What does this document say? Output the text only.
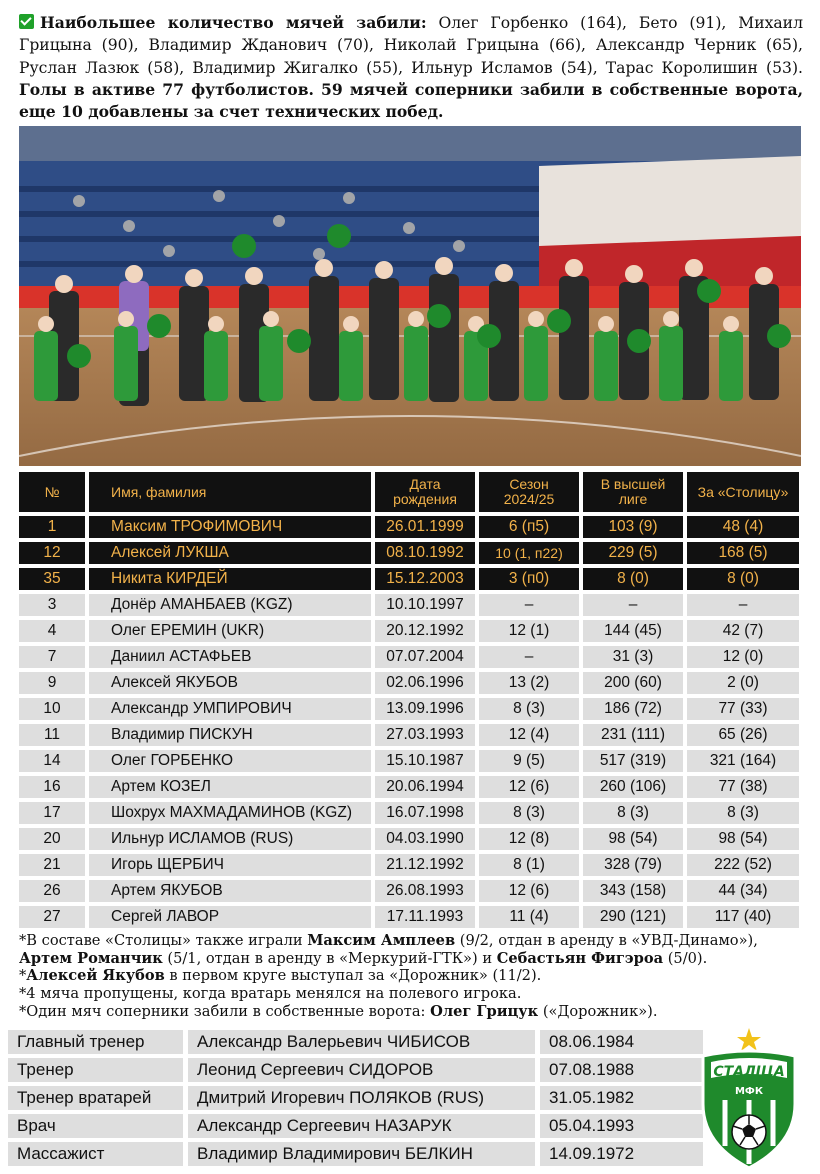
Наибольшее количество мячей забили: Олег Горбенко (164), Бето (91), Михаил Грицына (90), Владимир Жданович (70), Николай Грицына (66), Александр Черник (65), Руслан Лазюк (58), Владимир Жигалко (55), Ильнур Исламов (54), Тарас Королишин (53). Голы в активе 77 футболистов. 59 мячей соперники забили в собственные ворота, еще 10 добавлены за счет технических побед.
№	Имя, фамилия	Дата рождения	Сезон 2024/25	В высшей лиге	За «Столицу»
1	Максим ТРОФИМОВИЧ	26.01.1999	6 (п5)	103 (9)	48 (4)
12	Алексей ЛУКША	08.10.1992	10 (1, п22)	229 (5)	168 (5)
35	Никита КИРДЕЙ	15.12.2003	3 (п0)	8 (0)	8 (0)
3	Донёр АМАНБАЕВ (KGZ)	10.10.1997	–	–	–
4	Олег ЕРЕМИН (UKR)	20.12.1992	12 (1)	144 (45)	42 (7)
7	Даниил АСТАФЬЕВ	07.07.2004	–	31 (3)	12 (0)
9	Алексей ЯКУБОВ	02.06.1996	13 (2)	200 (60)	2 (0)
10	Александр УМПИРОВИЧ	13.09.1996	8 (3)	186 (72)	77 (33)
11	Владимир ПИСКУН	27.03.1993	12 (4)	231 (111)	65 (26)
14	Олег ГОРБЕНКО	15.10.1987	9 (5)	517 (319)	321 (164)
16	Артем КОЗЕЛ	20.06.1994	12 (6)	260 (106)	77 (38)
17	Шохрух МАХМАДАМИНОВ (KGZ)	16.07.1998	8 (3)	8 (3)	8 (3)
20	Ильнур ИСЛАМОВ (RUS)	04.03.1990	12 (8)	98 (54)	98 (54)
21	Игорь ЩЕРБИЧ	21.12.1992	8 (1)	328 (79)	222 (52)
26	Артем ЯКУБОВ	26.08.1993	12 (6)	343 (158)	44 (34)
27	Сергей ЛАВОР	17.11.1993	11 (4)	290 (121)	117 (40)

*В составе «Столицы» также играли Максим Амплеев (9/2, отдан в аренду в «УВД-Динамо»), Артем Романчик (5/1, отдан в аренду в «Меркурий-ГТК») и Себастьян Фигэроа (5/0).

*Алексей Якубов в первом круге выступал за «Дорожник» (11/2).

*4 мяча пропущены, когда вратарь менялся на полевого игрока.

*Один мяч соперники забили в собственные ворота: Олег Грицук («Дорожник»).

Главный тренер	Александр Валерьевич ЧИБИСОВ	08.06.1984
Тренер	Леонид Сергеевич СИДОРОВ	07.08.1988
Тренер вратарей	Дмитрий Игоревич ПОЛЯКОВ (RUS)	31.05.1982
Врач	Александр Сергеевич НАЗАРУК	05.04.1993
Массажист	Владимир Владимирович БЕЛКИН	14.09.1972
СТАЛІЦА
МФК
